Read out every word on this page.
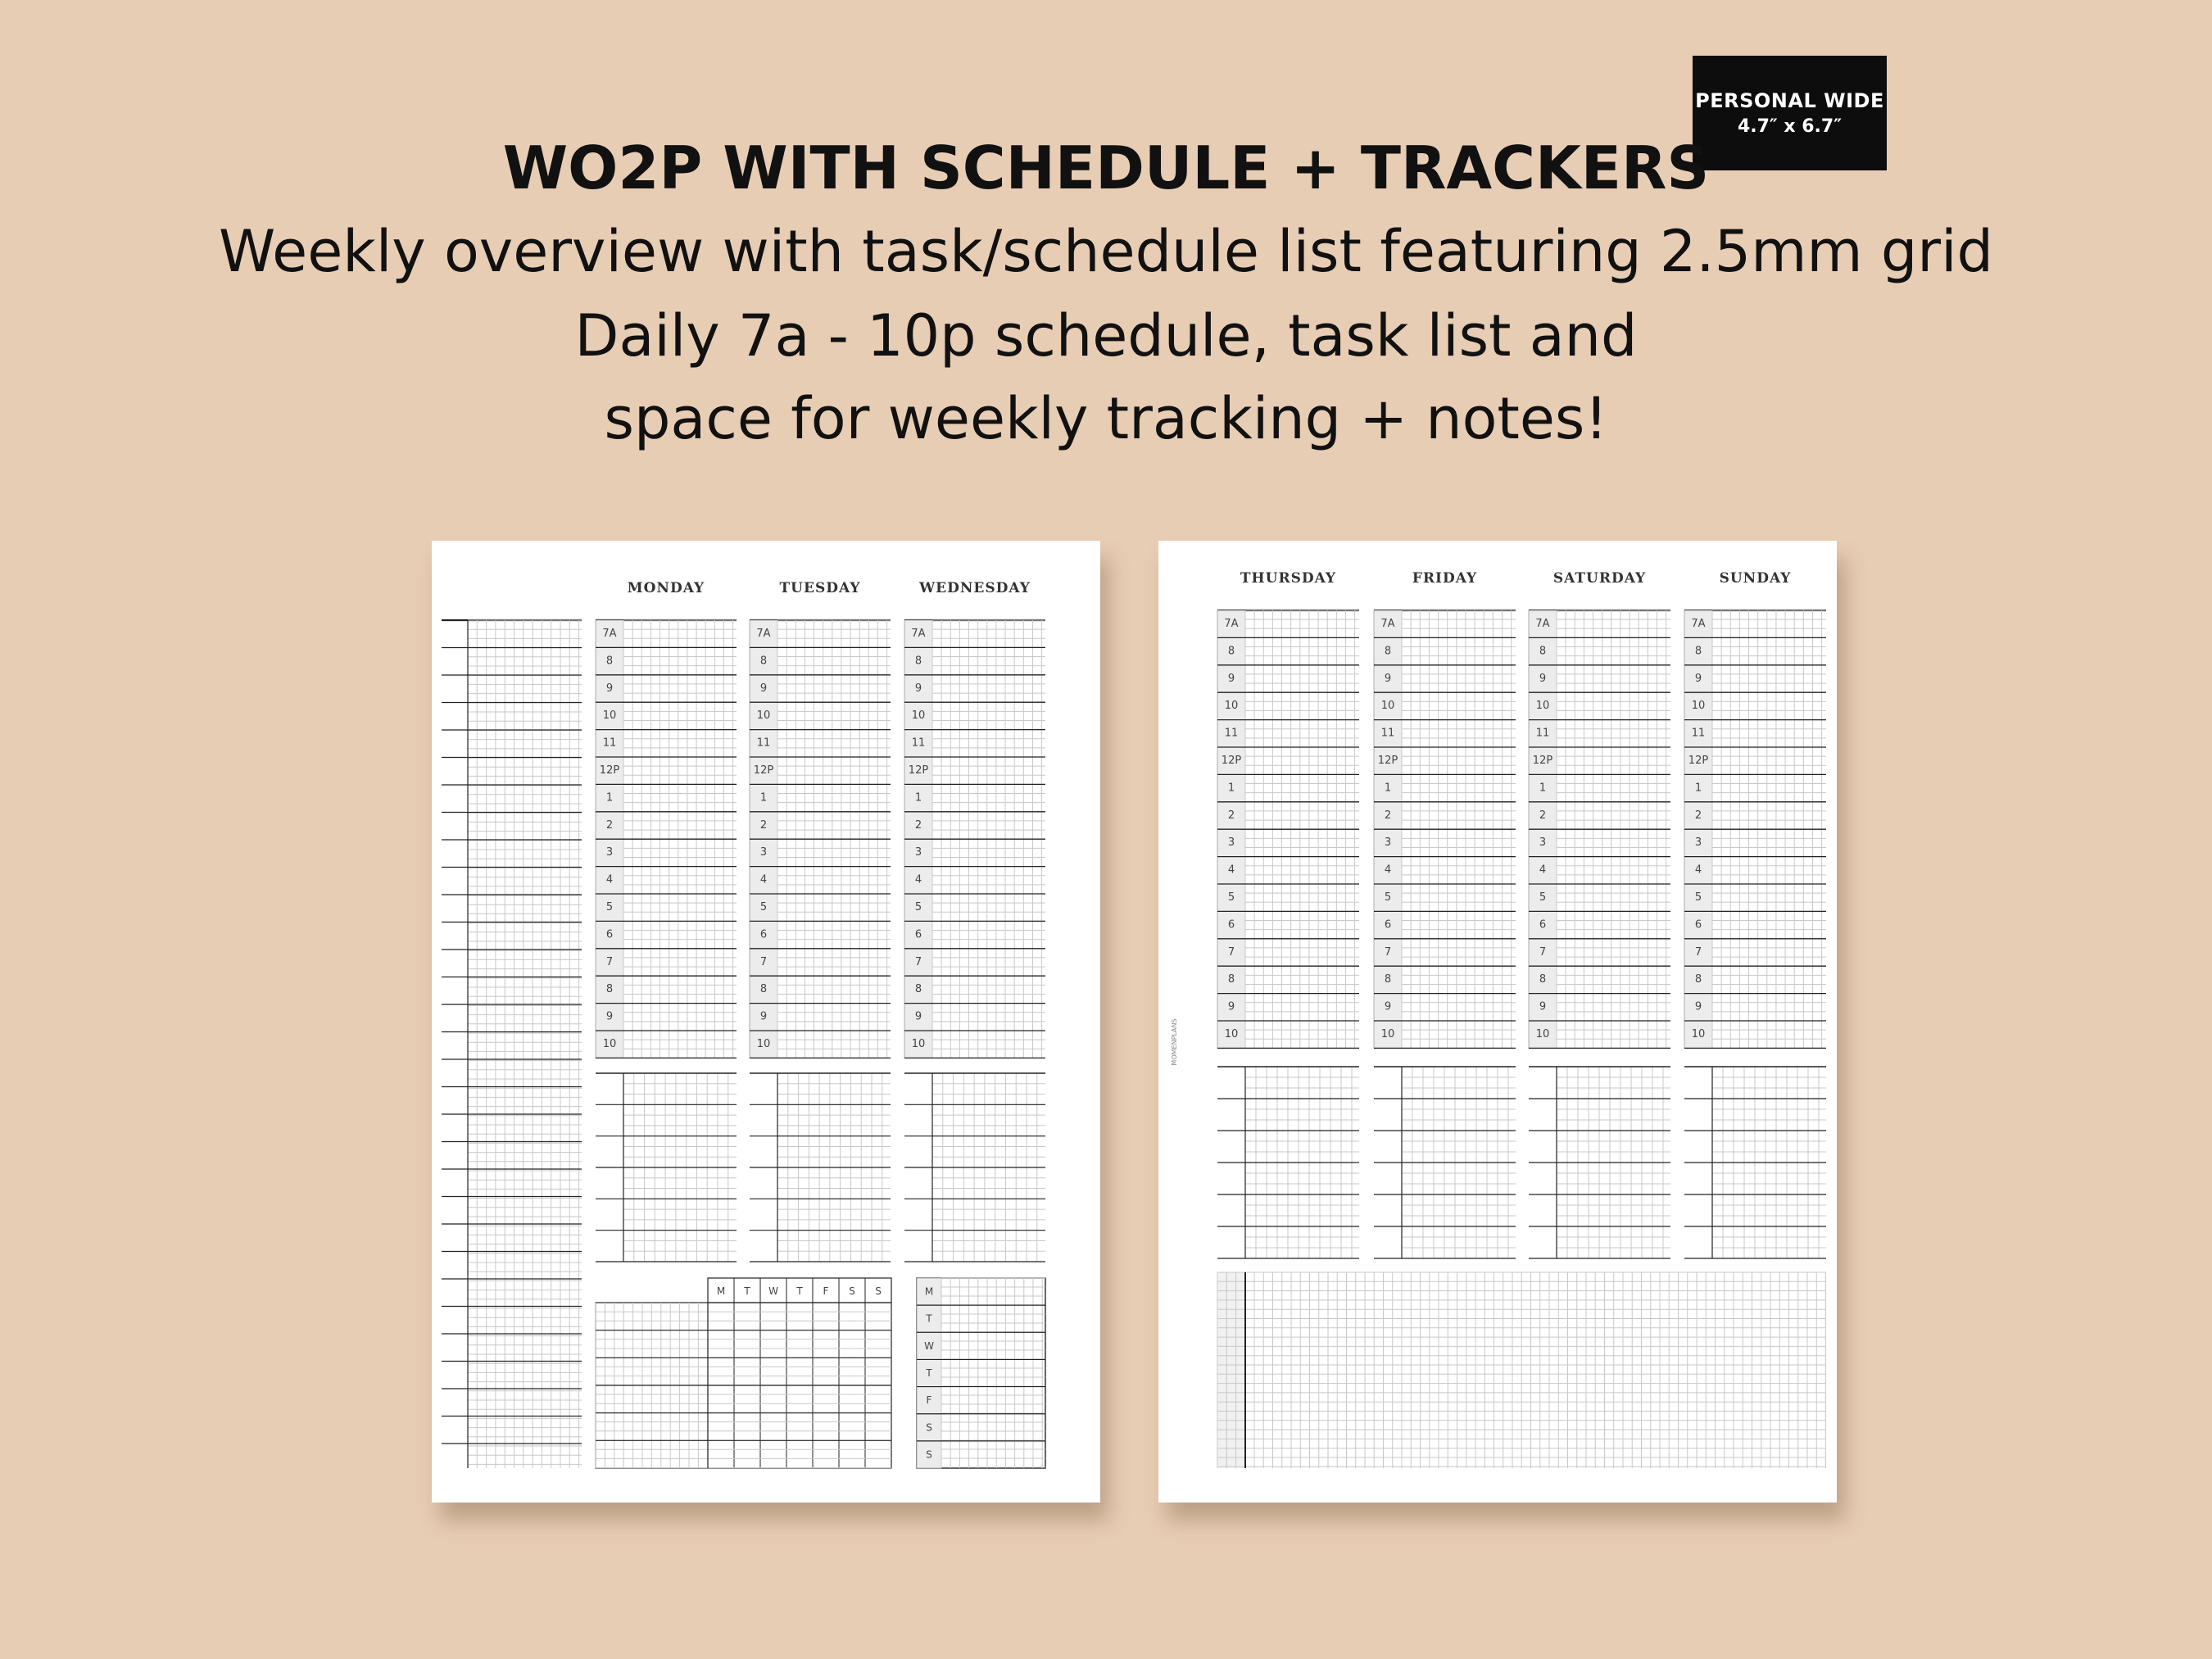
PERSONAL WIDE
4.7″ x 6.7″
WO2P WITH SCHEDULE + TRACKERS
Weekly overview with task/schedule list featuring 2.5mm grid
Daily 7a - 10p schedule, task list and
space for weekly tracking + notes!
MONDAY
7A
8
9
10
11
12P
1
2
3
4
5
6
7
8
9
10
TUESDAY
7A
8
9
10
11
12P
1
2
3
4
5
6
7
8
9
10
WEDNESDAY
7A
8
9
10
11
12P
1
2
3
4
5
6
7
8
9
10
M T W T F S S	M
T
W
T
F
S
S
THURSDAY
7A
8
9
10
11
12P
1
2
3
4
5
6
7
8
9
10
FRIDAY
7A
8
9
10
11
12P
1
2
3
4
5
6
7
8
9
10
SATURDAY
7A
8
9
10
11
12P
1
2
3
4
5
6
7
8
9
10
SUNDAY
7A
8
9
10
11
12P
1
2
3
4
5
6
7
8
9
10
MOMENPLANS
